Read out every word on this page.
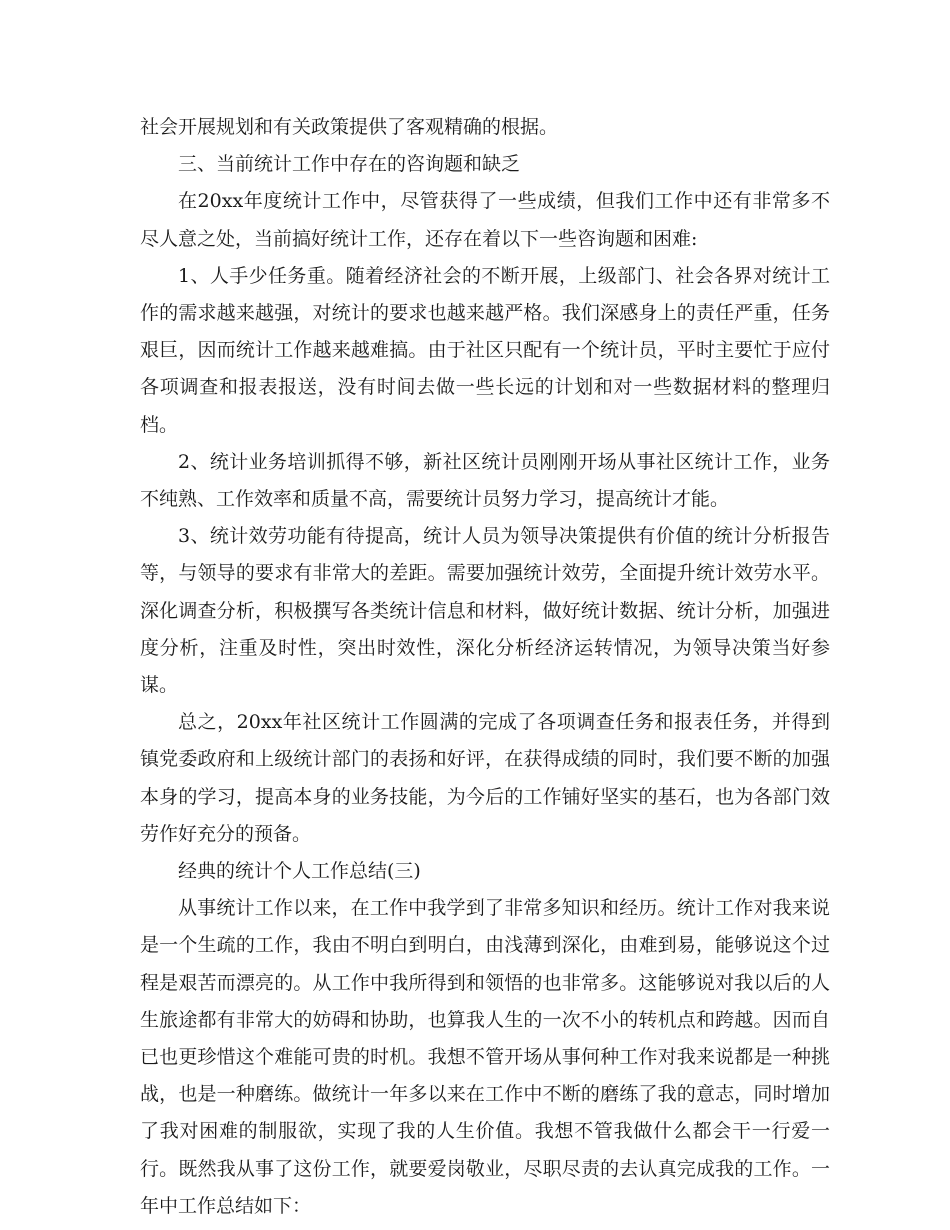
社会开展规划和有关政策提供了客观精确的根据。

三、当前统计工作中存在的咨询题和缺乏

在20xx年度统计工作中，尽管获得了一些成绩，但我们工作中还有非常多不尽人意之处，当前搞好统计工作，还存在着以下一些咨询题和困难:

1、人手少任务重。随着经济社会的不断开展，上级部门、社会各界对统计工作的需求越来越强，对统计的要求也越来越严格。我们深感身上的责任严重，任务艰巨，因而统计工作越来越难搞。由于社区只配有一个统计员，平时主要忙于应付各项调查和报表报送，没有时间去做一些长远的计划和对一些数据材料的整理归档。

2、统计业务培训抓得不够，新社区统计员刚刚开场从事社区统计工作，业务不纯熟、工作效率和质量不高，需要统计员努力学习，提高统计才能。

3、统计效劳功能有待提高，统计人员为领导决策提供有价值的统计分析报告等，与领导的要求有非常大的差距。需要加强统计效劳，全面提升统计效劳水平。深化调查分析，积极撰写各类统计信息和材料，做好统计数据、统计分析，加强进度分析，注重及时性，突出时效性，深化分析经济运转情况，为领导决策当好参谋。

总之，20xx年社区统计工作圆满的完成了各项调查任务和报表任务，并得到镇党委政府和上级统计部门的表扬和好评，在获得成绩的同时，我们要不断的加强本身的学习，提高本身的业务技能，为今后的工作铺好坚实的基石，也为各部门效劳作好充分的预备。

经典的统计个人工作总结(三)

从事统计工作以来，在工作中我学到了非常多知识和经历。统计工作对我来说是一个生疏的工作，我由不明白到明白，由浅薄到深化，由难到易，能够说这个过程是艰苦而漂亮的。从工作中我所得到和领悟的也非常多。这能够说对我以后的人生旅途都有非常大的妨碍和协助，也算我人生的一次不小的转机点和跨越。因而自已也更珍惜这个难能可贵的时机。我想不管开场从事何种工作对我来说都是一种挑战，也是一种磨练。做统计一年多以来在工作中不断的磨练了我的意志，同时增加了我对困难的制服欲，实现了我的人生价值。我想不管我做什么都会干一行爱一行。既然我从事了这份工作，就要爱岗敬业，尽职尽责的去认真完成我的工作。一年中工作总结如下：
